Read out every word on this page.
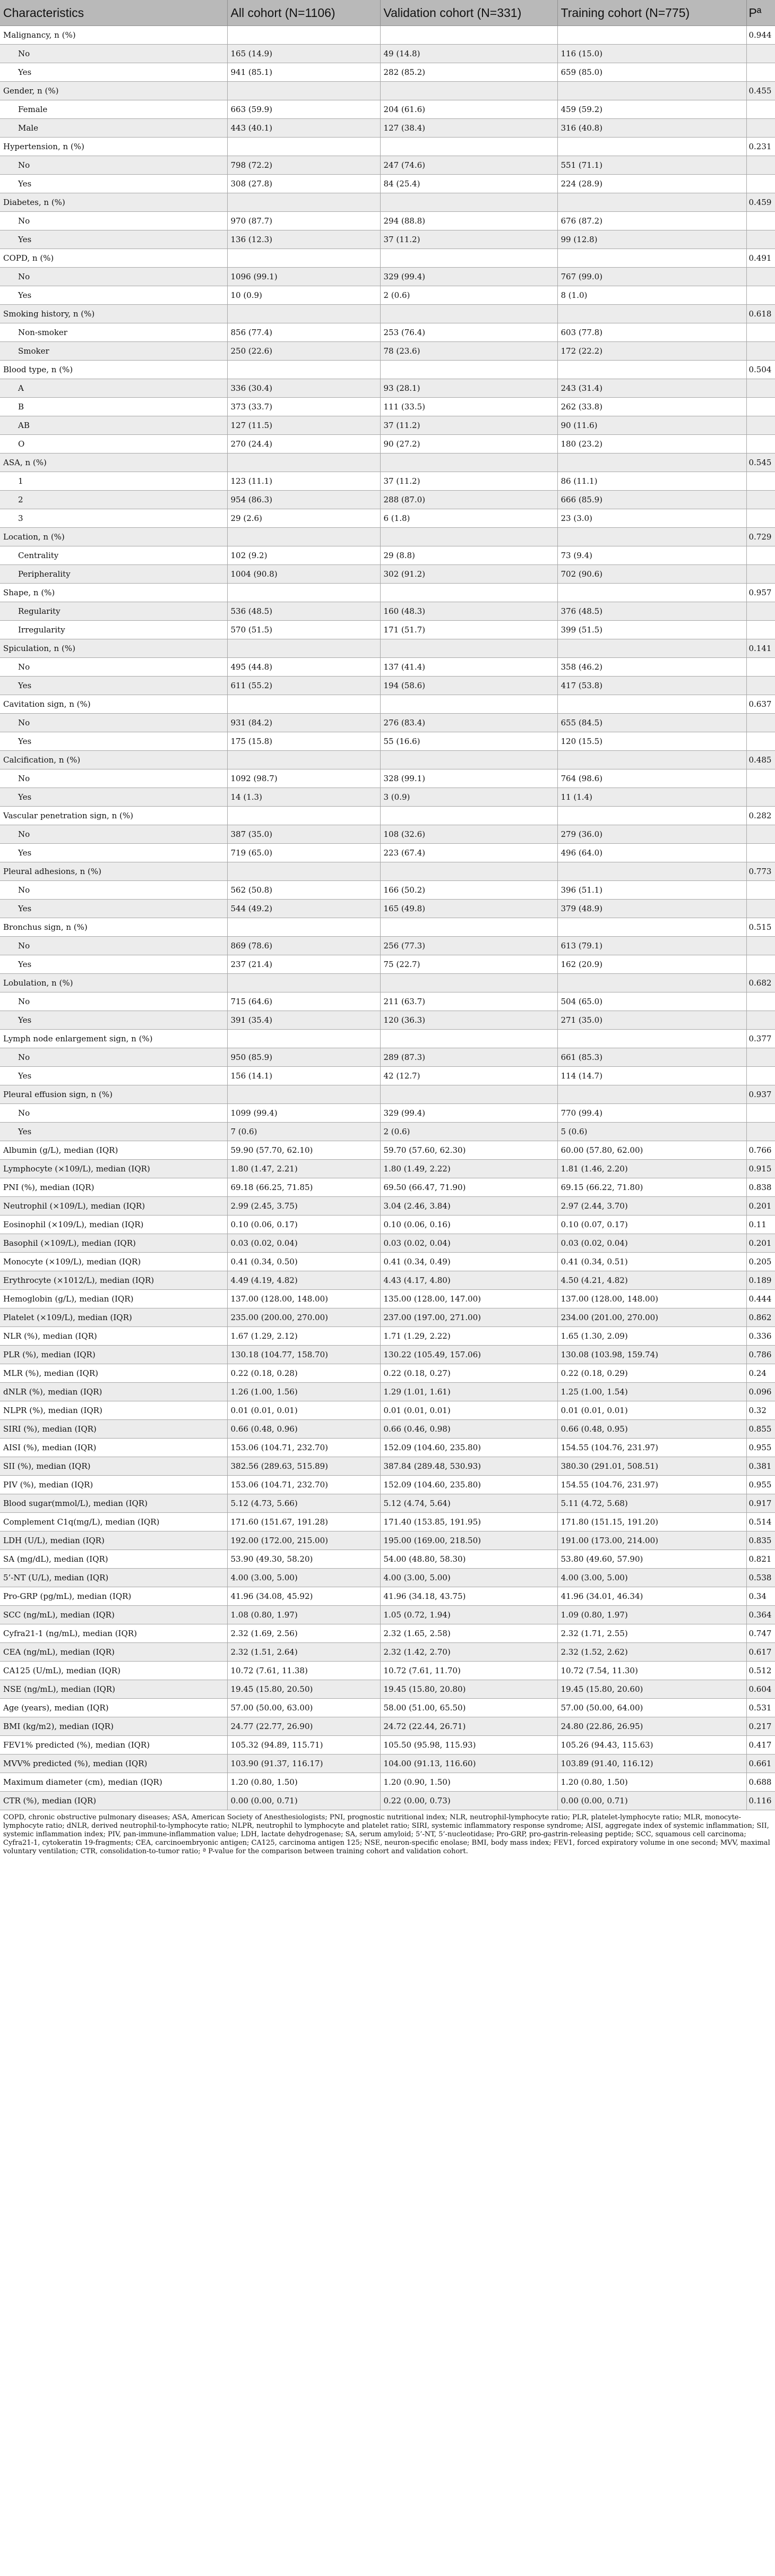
Characteristics	All cohort (N=1106)	Validation cohort (N=331)	Training cohort (N=775)	Pª
Malignancy, n (%)				0.944
No	165 (14.9)	49 (14.8)	116 (15.0)	
Yes	941 (85.1)	282 (85.2)	659 (85.0)	
Gender, n (%)				0.455
Female	663 (59.9)	204 (61.6)	459 (59.2)	
Male	443 (40.1)	127 (38.4)	316 (40.8)	
Hypertension, n (%)				0.231
No	798 (72.2)	247 (74.6)	551 (71.1)	
Yes	308 (27.8)	84 (25.4)	224 (28.9)	
Diabetes, n (%)				0.459
No	970 (87.7)	294 (88.8)	676 (87.2)	
Yes	136 (12.3)	37 (11.2)	99 (12.8)	
COPD, n (%)				0.491
No	1096 (99.1)	329 (99.4)	767 (99.0)	
Yes	10 (0.9)	2 (0.6)	8 (1.0)	
Smoking history, n (%)				0.618
Non-smoker	856 (77.4)	253 (76.4)	603 (77.8)	
Smoker	250 (22.6)	78 (23.6)	172 (22.2)	
Blood type, n (%)				0.504
A	336 (30.4)	93 (28.1)	243 (31.4)	
B	373 (33.7)	111 (33.5)	262 (33.8)	
AB	127 (11.5)	37 (11.2)	90 (11.6)	
O	270 (24.4)	90 (27.2)	180 (23.2)	
ASA, n (%)				0.545
1	123 (11.1)	37 (11.2)	86 (11.1)	
2	954 (86.3)	288 (87.0)	666 (85.9)	
3	29 (2.6)	6 (1.8)	23 (3.0)	
Location, n (%)				0.729
Centrality	102 (9.2)	29 (8.8)	73 (9.4)	
Peripherality	1004 (90.8)	302 (91.2)	702 (90.6)	
Shape, n (%)				0.957
Regularity	536 (48.5)	160 (48.3)	376 (48.5)	
Irregularity	570 (51.5)	171 (51.7)	399 (51.5)	
Spiculation, n (%)				0.141
No	495 (44.8)	137 (41.4)	358 (46.2)	
Yes	611 (55.2)	194 (58.6)	417 (53.8)	
Cavitation sign, n (%)				0.637
No	931 (84.2)	276 (83.4)	655 (84.5)	
Yes	175 (15.8)	55 (16.6)	120 (15.5)	
Calcification, n (%)				0.485
No	1092 (98.7)	328 (99.1)	764 (98.6)	
Yes	14 (1.3)	3 (0.9)	11 (1.4)	
Vascular penetration sign, n (%)				0.282
No	387 (35.0)	108 (32.6)	279 (36.0)	
Yes	719 (65.0)	223 (67.4)	496 (64.0)	
Pleural adhesions, n (%)				0.773
No	562 (50.8)	166 (50.2)	396 (51.1)	
Yes	544 (49.2)	165 (49.8)	379 (48.9)	
Bronchus sign, n (%)				0.515
No	869 (78.6)	256 (77.3)	613 (79.1)	
Yes	237 (21.4)	75 (22.7)	162 (20.9)	
Lobulation, n (%)				0.682
No	715 (64.6)	211 (63.7)	504 (65.0)	
Yes	391 (35.4)	120 (36.3)	271 (35.0)	
Lymph node enlargement sign, n (%)				0.377
No	950 (85.9)	289 (87.3)	661 (85.3)	
Yes	156 (14.1)	42 (12.7)	114 (14.7)	
Pleural effusion sign, n (%)				0.937
No	1099 (99.4)	329 (99.4)	770 (99.4)	
Yes	7 (0.6)	2 (0.6)	5 (0.6)	
Albumin (g/L), median (IQR)	59.90 (57.70, 62.10)	59.70 (57.60, 62.30)	60.00 (57.80, 62.00)	0.766
Lymphocyte (×109/L), median (IQR)	1.80 (1.47, 2.21)	1.80 (1.49, 2.22)	1.81 (1.46, 2.20)	0.915
PNI (%), median (IQR)	69.18 (66.25, 71.85)	69.50 (66.47, 71.90)	69.15 (66.22, 71.80)	0.838
Neutrophil (×109/L), median (IQR)	2.99 (2.45, 3.75)	3.04 (2.46, 3.84)	2.97 (2.44, 3.70)	0.201
Eosinophil (×109/L), median (IQR)	0.10 (0.06, 0.17)	0.10 (0.06, 0.16)	0.10 (0.07, 0.17)	0.11
Basophil (×109/L), median (IQR)	0.03 (0.02, 0.04)	0.03 (0.02, 0.04)	0.03 (0.02, 0.04)	0.201
Monocyte (×109/L), median (IQR)	0.41 (0.34, 0.50)	0.41 (0.34, 0.49)	0.41 (0.34, 0.51)	0.205
Erythrocyte (×1012/L), median (IQR)	4.49 (4.19, 4.82)	4.43 (4.17, 4.80)	4.50 (4.21, 4.82)	0.189
Hemoglobin (g/L), median (IQR)	137.00 (128.00, 148.00)	135.00 (128.00, 147.00)	137.00 (128.00, 148.00)	0.444
Platelet (×109/L), median (IQR)	235.00 (200.00, 270.00)	237.00 (197.00, 271.00)	234.00 (201.00, 270.00)	0.862
NLR (%), median (IQR)	1.67 (1.29, 2.12)	1.71 (1.29, 2.22)	1.65 (1.30, 2.09)	0.336
PLR (%), median (IQR)	130.18 (104.77, 158.70)	130.22 (105.49, 157.06)	130.08 (103.98, 159.74)	0.786
MLR (%), median (IQR)	0.22 (0.18, 0.28)	0.22 (0.18, 0.27)	0.22 (0.18, 0.29)	0.24
dNLR (%), median (IQR)	1.26 (1.00, 1.56)	1.29 (1.01, 1.61)	1.25 (1.00, 1.54)	0.096
NLPR (%), median (IQR)	0.01 (0.01, 0.01)	0.01 (0.01, 0.01)	0.01 (0.01, 0.01)	0.32
SIRI (%), median (IQR)	0.66 (0.48, 0.96)	0.66 (0.46, 0.98)	0.66 (0.48, 0.95)	0.855
AISI (%), median (IQR)	153.06 (104.71, 232.70)	152.09 (104.60, 235.80)	154.55 (104.76, 231.97)	0.955
SII (%), median (IQR)	382.56 (289.63, 515.89)	387.84 (289.48, 530.93)	380.30 (291.01, 508.51)	0.381
PIV (%), median (IQR)	153.06 (104.71, 232.70)	152.09 (104.60, 235.80)	154.55 (104.76, 231.97)	0.955
Blood sugar(mmol/L), median (IQR)	5.12 (4.73, 5.66)	5.12 (4.74, 5.64)	5.11 (4.72, 5.68)	0.917
Complement C1q(mg/L), median (IQR)	171.60 (151.67, 191.28)	171.40 (153.85, 191.95)	171.80 (151.15, 191.20)	0.514
LDH (U/L), median (IQR)	192.00 (172.00, 215.00)	195.00 (169.00, 218.50)	191.00 (173.00, 214.00)	0.835
SA (mg/dL), median (IQR)	53.90 (49.30, 58.20)	54.00 (48.80, 58.30)	53.80 (49.60, 57.90)	0.821
5’-NT (U/L), median (IQR)	4.00 (3.00, 5.00)	4.00 (3.00, 5.00)	4.00 (3.00, 5.00)	0.538
Pro-GRP (pg/mL), median (IQR)	41.96 (34.08, 45.92)	41.96 (34.18, 43.75)	41.96 (34.01, 46.34)	0.34
SCC (ng/mL), median (IQR)	1.08 (0.80, 1.97)	1.05 (0.72, 1.94)	1.09 (0.80, 1.97)	0.364
Cyfra21-1 (ng/mL), median (IQR)	2.32 (1.69, 2.56)	2.32 (1.65, 2.58)	2.32 (1.71, 2.55)	0.747
CEA (ng/mL), median (IQR)	2.32 (1.51, 2.64)	2.32 (1.42, 2.70)	2.32 (1.52, 2.62)	0.617
CA125 (U/mL), median (IQR)	10.72 (7.61, 11.38)	10.72 (7.61, 11.70)	10.72 (7.54, 11.30)	0.512
NSE (ng/mL), median (IQR)	19.45 (15.80, 20.50)	19.45 (15.80, 20.80)	19.45 (15.80, 20.60)	0.604
Age (years), median (IQR)	57.00 (50.00, 63.00)	58.00 (51.00, 65.50)	57.00 (50.00, 64.00)	0.531
BMI (kg/m2), median (IQR)	24.77 (22.77, 26.90)	24.72 (22.44, 26.71)	24.80 (22.86, 26.95)	0.217
FEV1% predicted (%), median (IQR)	105.32 (94.89, 115.71)	105.50 (95.98, 115.93)	105.26 (94.43, 115.63)	0.417
MVV% predicted (%), median (IQR)	103.90 (91.37, 116.17)	104.00 (91.13, 116.60)	103.89 (91.40, 116.12)	0.661
Maximum diameter (cm), median (IQR)	1.20 (0.80, 1.50)	1.20 (0.90, 1.50)	1.20 (0.80, 1.50)	0.688
CTR (%), median (IQR)	0.00 (0.00, 0.71)	0.22 (0.00, 0.73)	0.00 (0.00, 0.71)	0.116
COPD, chronic obstructive pulmonary diseases; ASA, American Society of Anesthesiologists; PNI, prognostic nutritional index; NLR, neutrophil-lymphocyte ratio; PLR, platelet-lymphocyte ratio; MLR, monocyte-lymphocyte ratio; dNLR, derived neutrophil-to-lymphocyte ratio; NLPR, neutrophil to lymphocyte and platelet ratio; SIRI, systemic inflammatory response syndrome; AISI, aggregate index of systemic inflammation; SII, systemic inflammation index; PIV, pan-immune-inflammation value; LDH, lactate dehydrogenase; SA, serum amyloid; 5’-NT, 5’-nucleotidase; Pro-GRP, pro-gastrin-releasing peptide; SCC, squamous cell carcinoma; Cyfra21-1, cytokeratin 19-fragments; CEA, carcinoembryonic antigen; CA125, carcinoma antigen 125; NSE, neuron-specific enolase; BMI, body mass index; FEV1, forced expiratory volume in one second; MVV, maximal voluntary ventilation; CTR, consolidation-to-tumor ratio; ª P-value for the comparison between training cohort and validation cohort.
